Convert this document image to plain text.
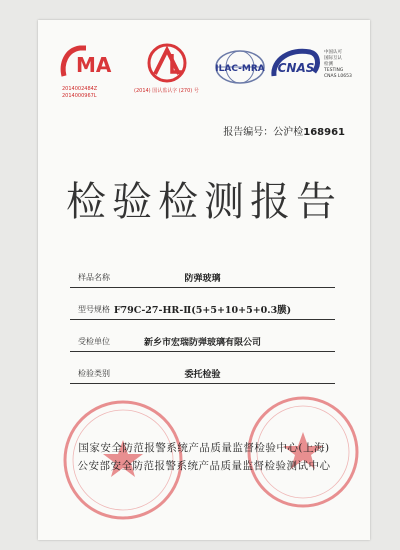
MA
2014002484Z
2014000967L
(2014) 国认监认字 (270) 号
ILAC-MRA CNAS
中国认可
国际互认
检测
TESTING
CNAS L0653
报告编号：公沪检168961
检验检测报告
样品名称	防弹玻璃
型号规格 F79C-27-HR-Ⅱ(5+5+10+5+0.3膜)
受检单位	新乡市宏瑞防弹玻璃有限公司
检验类别	委托检验
国家安全防范报警系统产品质量监督检验中心(上海)
公安部安全防范报警系统产品质量监督检验测试中心
